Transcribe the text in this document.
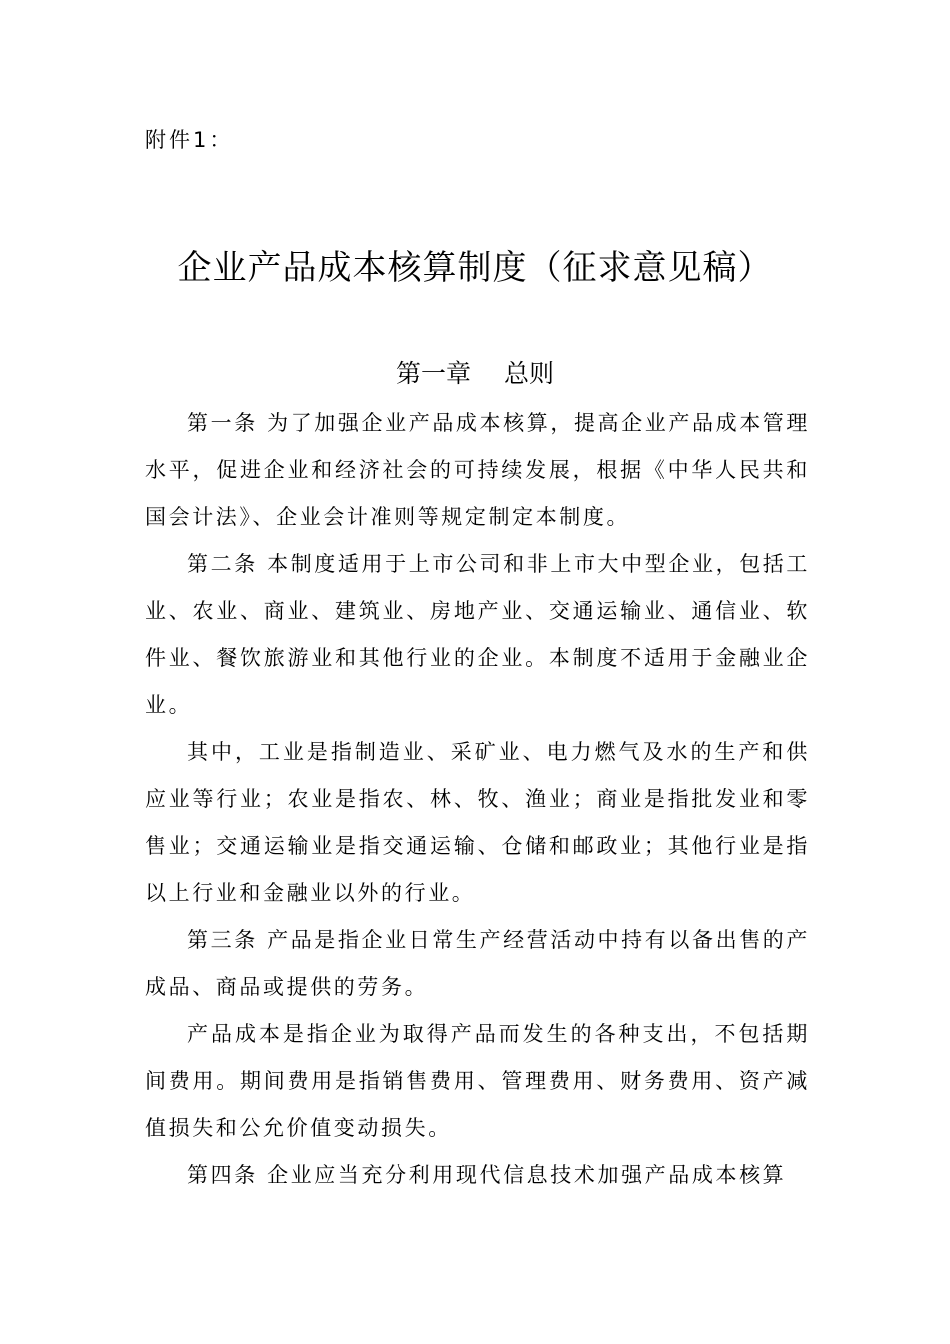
附件1：
企业产品成本核算制度（征求意见稿）
第一章　 总则

第一条 为了加强企业产品成本核算，提高企业产品成本管理水平，促进企业和经济社会的可持续发展，根据《中华人民共和国会计法》、企业会计准则等规定制定本制度。

第二条 本制度适用于上市公司和非上市大中型企业，包括工业、农业、商业、建筑业、房地产业、交通运输业、通信业、软件业、餐饮旅游业和其他行业的企业。本制度不适用于金融业企业。

其中，工业是指制造业、采矿业、电力燃气及水的生产和供应业等行业；农业是指农、林、牧、渔业；商业是指批发业和零售业；交通运输业是指交通运输、仓储和邮政业；其他行业是指以上行业和金融业以外的行业。

第三条 产品是指企业日常生产经营活动中持有以备出售的产成品、商品或提供的劳务。

产品成本是指企业为取得产品而发生的各种支出，不包括期间费用。期间费用是指销售费用、管理费用、财务费用、资产减值损失和公允价值变动损失。

第四条 企业应当充分利用现代信息技术加强产品成本核算
